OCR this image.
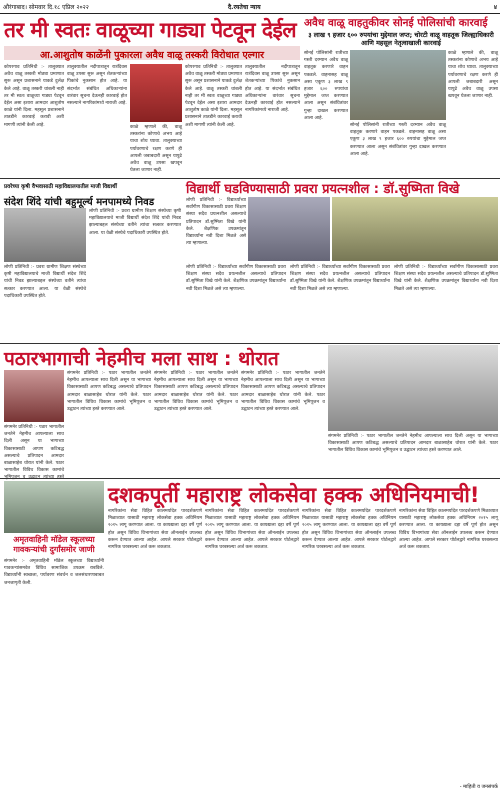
औरंगाबाद। सोमवार दि.१८ एप्रिल २०२२	दै.रयतेचा न्याय	४
तर मी स्वतः वाळूच्या गाड्या पेटवून देईल
आ.आशुतोष काळेंनी पुकारला अवैध वाळू तस्करी विरोधात एल्गार
कोपरगाव प्रतिनिधी :- तालुक्यात अवैध वाळू तस्करी मोठ्या प्रमाणात सुरू असून प्रशासनाने याकडे दुर्लक्ष केले आहे. वाळू तस्करी थांबली नाही तर मी स्वतः वाळूच्या गाड्या पेटवून देईल असा इशारा आमदार आशुतोष काळे यांनी दिला. महसूल प्रशासनाने तातडीने कारवाई करावी अशी मागणी त्यांनी केली आहे.
तालुक्यातील नदीपात्रातून रात्रंदिवस वाळू उपसा सुरू असून शेतकऱ्यांच्या पिकांचे नुकसान होत आहे. या संदर्भात संबंधित अधिकाऱ्यांना वारंवार सूचना देऊनही कारवाई होत नसल्याने नागरिकांमध्ये नाराजी आहे.
काळे म्हणाले की, वाळू तस्करांना कोणाचे अभय आहे याचा शोध घ्यावा. तालुक्याच्या पर्यावरणाचे रक्षण करणे ही आपली जबाबदारी असून यापुढे अवैध वाळू उपसा खपवून घेतला जाणार नाही.
कोपरगाव प्रतिनिधी :- तालुक्यात अवैध वाळू तस्करी मोठ्या प्रमाणात सुरू असून प्रशासनाने याकडे दुर्लक्ष केले आहे. वाळू तस्करी थांबली नाही तर मी स्वतः वाळूच्या गाड्या पेटवून देईल असा इशारा आमदार आशुतोष काळे यांनी दिला. महसूल प्रशासनाने तातडीने कारवाई करावी अशी मागणी त्यांनी केली आहे.
तालुक्यातील नदीपात्रातून रात्रंदिवस वाळू उपसा सुरू असून शेतकऱ्यांच्या पिकांचे नुकसान होत आहे. या संदर्भात संबंधित अधिकाऱ्यांना वारंवार सूचना देऊनही कारवाई होत नसल्याने नागरिकांमध्ये नाराजी आहे.
अवैध वाळू वाहतुकीवर सोनई पोलिसांची कारवाई
३ लाख ९ हजार ६०० रुपयांचा मुद्देमाल जप्त; चोरटी वाळू वाहतूक जिल्ह्याधिकारी आणि महसूल नेतृत्वाखाली कारवाई
सोनई पोलिसांनी रात्रीच्या गस्ती दरम्यान अवैध वाळू वाहतूक करणारे वाहन पकडले. वाहनासह वाळू असा एकूण ३ लाख ९ हजार ६०० रुपयांचा मुद्देमाल जप्त करण्यात आला असून संबंधितांवर गुन्हा दाखल करण्यात आला आहे.
सोनई पोलिसांनी रात्रीच्या गस्ती दरम्यान अवैध वाळू वाहतूक करणारे वाहन पकडले. वाहनासह वाळू असा एकूण ३ लाख ९ हजार ६०० रुपयांचा मुद्देमाल जप्त करण्यात आला असून संबंधितांवर गुन्हा दाखल करण्यात आला आहे.
काळे म्हणाले की, वाळू तस्करांना कोणाचे अभय आहे याचा शोध घ्यावा. तालुक्याच्या पर्यावरणाचे रक्षण करणे ही आपली जबाबदारी असून यापुढे अवैध वाळू उपसा खपवून घेतला जाणार नाही.
प्रवरेच्या कृषी वैभवासाठी महाविद्यालयातील माजी विद्यार्थी
संदेश शिंदे यांची बहुमूर्ल्य मनपामध्ये निवड
लोणी प्रतिनिधी :- प्रवरा ग्रामीण शिक्षण संस्थेच्या कृषी महाविद्यालयाचे माजी विद्यार्थी संदेश शिंदे यांची निवड झाल्याबद्दल संस्थेच्या वतीने त्यांचा सत्कार करण्यात आला. या वेळी संस्थेचे पदाधिकारी उपस्थित होते.
लोणी प्रतिनिधी :- प्रवरा ग्रामीण शिक्षण संस्थेच्या कृषी महाविद्यालयाचे माजी विद्यार्थी संदेश शिंदे यांची निवड झाल्याबद्दल संस्थेच्या वतीने त्यांचा सत्कार करण्यात आला. या वेळी संस्थेचे पदाधिकारी उपस्थित होते.
विद्यार्थी घडविण्यासाठी प्रवरा प्रयत्नशील : डॉ.सुष्मिता विखे
लोणी प्रतिनिधी :- विद्यार्थ्यांच्या सर्वांगीण विकासासाठी प्रवरा शिक्षण संस्था सदैव प्रयत्नशील असल्याचे प्रतिपादन डॉ.सुष्मिता विखे यांनी केले. शैक्षणिक उपक्रमांतून विद्यार्थ्यांना नवी दिशा मिळते असे त्या म्हणाल्या.
लोणी प्रतिनिधी :- विद्यार्थ्यांच्या सर्वांगीण विकासासाठी प्रवरा शिक्षण संस्था सदैव प्रयत्नशील असल्याचे प्रतिपादन डॉ.सुष्मिता विखे यांनी केले. शैक्षणिक उपक्रमांतून विद्यार्थ्यांना नवी दिशा मिळते असे त्या म्हणाल्या.
लोणी प्रतिनिधी :- विद्यार्थ्यांच्या सर्वांगीण विकासासाठी प्रवरा शिक्षण संस्था सदैव प्रयत्नशील असल्याचे प्रतिपादन डॉ.सुष्मिता विखे यांनी केले. शैक्षणिक उपक्रमांतून विद्यार्थ्यांना नवी दिशा मिळते असे त्या म्हणाल्या.
लोणी प्रतिनिधी :- विद्यार्थ्यांच्या सर्वांगीण विकासासाठी प्रवरा शिक्षण संस्था सदैव प्रयत्नशील असल्याचे प्रतिपादन डॉ.सुष्मिता विखे यांनी केले. शैक्षणिक उपक्रमांतून विद्यार्थ्यांना नवी दिशा मिळते असे त्या म्हणाल्या.
पठारभागाची नेहमीच मला साथ : थोरात
संगमनेर प्रतिनिधी :- पठार भागातील जनतेने नेहमीच आपल्याला साथ दिली असून या भागाच्या विकासासाठी आपण कटिबद्ध असल्याचे प्रतिपादन आमदार बाळासाहेब थोरात यांनी केले. पठार भागातील विविध विकास कामांचे
संगमनेर प्रतिनिधी :- पठार भागातील जनतेने नेहमीच आपल्याला साथ दिली असून या भागाच्या विकासासाठी आपण कटिबद्ध असल्याचे प्रतिपादन आमदार बाळासाहेब थोरात यांनी केले. पठार भागातील विविध विकास कामांचे भूमिपूजन व उद्घाटन त्यांच्या हस्ते करण्यात आले.
संगमनेर प्रतिनिधी :- पठार भागातील जनतेने नेहमीच आपल्याला साथ दिली असून या भागाच्या विकासासाठी आपण कटिबद्ध असल्याचे प्रतिपादन आमदार बाळासाहेब थोरात यांनी केले. पठार भागातील विविध विकास कामांचे भूमिपूजन व उद्घाटन त्यांच्या हस्ते करण्यात आले.
संगमनेर प्रतिनिधी :- पठार भागातील जनतेने नेहमीच आपल्याला साथ दिली असून या भागाच्या विकासासाठी आपण कटिबद्ध असल्याचे प्रतिपादन आमदार बाळासाहेब थोरात यांनी केले. पठार भागातील विविध विकास कामांचे भूमिपूजन व उद्घाटन त्यांच्या हस्ते करण्यात आले.
संगमनेर प्रतिनिधी :- पठार भागातील जनतेने नेहमीच आपल्याला साथ दिली असून या भागाच्या विकासासाठी आपण कटिबद्ध असल्याचे प्रतिपादन आमदार बाळासाहेब थोरात यांनी केले. पठार भागातील विविध विकास कामांचे भूमिपूजन व उद्घाटन त्यांच्या हस्ते करण्यात आले.
दशकपूर्ती महाराष्ट्र लोकसेवा हक्क अधिनियमाची!
नागरिकांना सेवा विहित कालमर्यादेत पारदर्शकपणे मिळाव्यात यासाठी महाराष्ट्र लोकसेवा हक्क अधिनियम २०१५ लागू करण्यात आला. या कायद्याला दहा वर्षे पूर्ण होत असून विविध विभागांच्या सेवा ऑनलाईन उपलब्ध करून देण्यात आल्या आहेत. आपले सरकार पोर्टलद्वारे नागरिक घरबसल्या अर्ज करू शकतात.
नागरिकांना सेवा विहित कालमर्यादेत पारदर्शकपणे मिळाव्यात यासाठी महाराष्ट्र लोकसेवा हक्क अधिनियम २०१५ लागू करण्यात आला. या कायद्याला दहा वर्षे पूर्ण होत असून विविध विभागांच्या सेवा ऑनलाईन उपलब्ध करून देण्यात आल्या आहेत. आपले सरकार पोर्टलद्वारे नागरिक घरबसल्या अर्ज करू शकतात.
नागरिकांना सेवा विहित कालमर्यादेत पारदर्शकपणे मिळाव्यात यासाठी महाराष्ट्र लोकसेवा हक्क अधिनियम २०१५ लागू करण्यात आला. या कायद्याला दहा वर्षे पूर्ण होत असून विविध विभागांच्या सेवा ऑनलाईन उपलब्ध करून देण्यात आल्या आहेत. आपले सरकार पोर्टलद्वारे नागरिक घरबसल्या अर्ज करू शकतात.
नागरिकांना सेवा विहित कालमर्यादेत पारदर्शकपणे मिळाव्यात यासाठी महाराष्ट्र लोकसेवा हक्क अधिनियम २०१५ लागू करण्यात आला. या कायद्याला दहा वर्षे पूर्ण होत असून विविध विभागांच्या सेवा ऑनलाईन उपलब्ध करून देण्यात आल्या आहेत. आपले सरकार पोर्टलद्वारे नागरिक घरबसल्या अर्ज करू शकतात.
- माहिती व जनसंपर्क
अमृतवाहिनी मॉडेल स्कूलच्या गावकऱ्यांची दुर्गांसमोर जाणी
संगमनेर :- अमृतवाहिनी मॉडेल स्कूलच्या विद्यार्थ्यांनी गावकऱ्यांसमवेत विविध सामाजिक उपक्रम राबविले. विद्यार्थ्यांनी स्वच्छता, पर्यावरण संवर्धन व जलसंधारणाबाबत जनजागृती केली.
